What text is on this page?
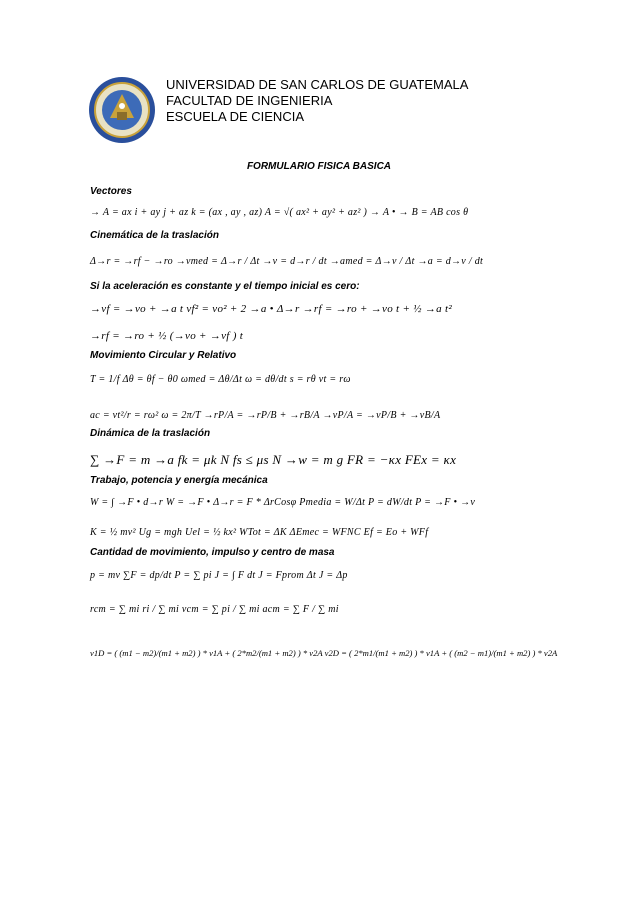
UNIVERSIDAD DE SAN CARLOS DE GUATEMALA
FACULTAD DE INGENIERIA
ESCUELA DE CIENCIA
FORMULARIO FISICA BASICA
Vectores
→ A = ax i + ay j + az k = (ax , ay , az) A = √( ax² + ay² + az² ) → A • → B = AB cos θ
Cinemática de la traslación
Δ→r = →rf − →ro →vmed = Δ→r / Δt →v = d→r / dt →amed = Δ→v / Δt →a = d→v / dt
Si la aceleración es constante y el tiempo inicial es cero:
→vf = →vo + →a t vf² = vo² + 2 →a • Δ→r →rf = →ro + →vo t + ½ →a t²
→rf = →ro + ½ (→vo + →vf ) t
Movimiento Circular y Relativo
T = 1/f Δθ = θf − θ0 ωmed = Δθ/Δt ω = dθ/dt s = rθ vt = rω
ac = vt²/r = rω² ω = 2π/T →rP/A = →rP/B + →rB/A →vP/A = →vP/B + →vB/A
Dinámica de la traslación
∑ →F = m →a fk = μk N fs ≤ μs N →w = m g FR = −κx FEx = κx
Trabajo, potencia y energía mecánica
W = ∫ →F • d→r W = →F • Δ→r = F * ΔrCosφ Pmedia = W/Δt P = dW/dt P = →F • →v
K = ½ mv² Ug = mgh Uel = ½ kx² WTot = ΔK ΔEmec = WFNC Ef = Eo + WFf
Cantidad de movimiento, impulso y centro de masa
p = mv ∑F = dp/dt P = ∑ pi J = ∫ F dt J = Fprom Δt J = Δp
rcm = ∑ mi ri / ∑ mi vcm = ∑ pi / ∑ mi acm = ∑ F / ∑ mi
v1D = ( (m1 − m2)/(m1 + m2) ) * v1A + ( 2*m2/(m1 + m2) ) * v2A v2D = ( 2*m1/(m1 + m2) ) * v1A + ( (m2 − m1)/(m1 + m2) ) * v2A
